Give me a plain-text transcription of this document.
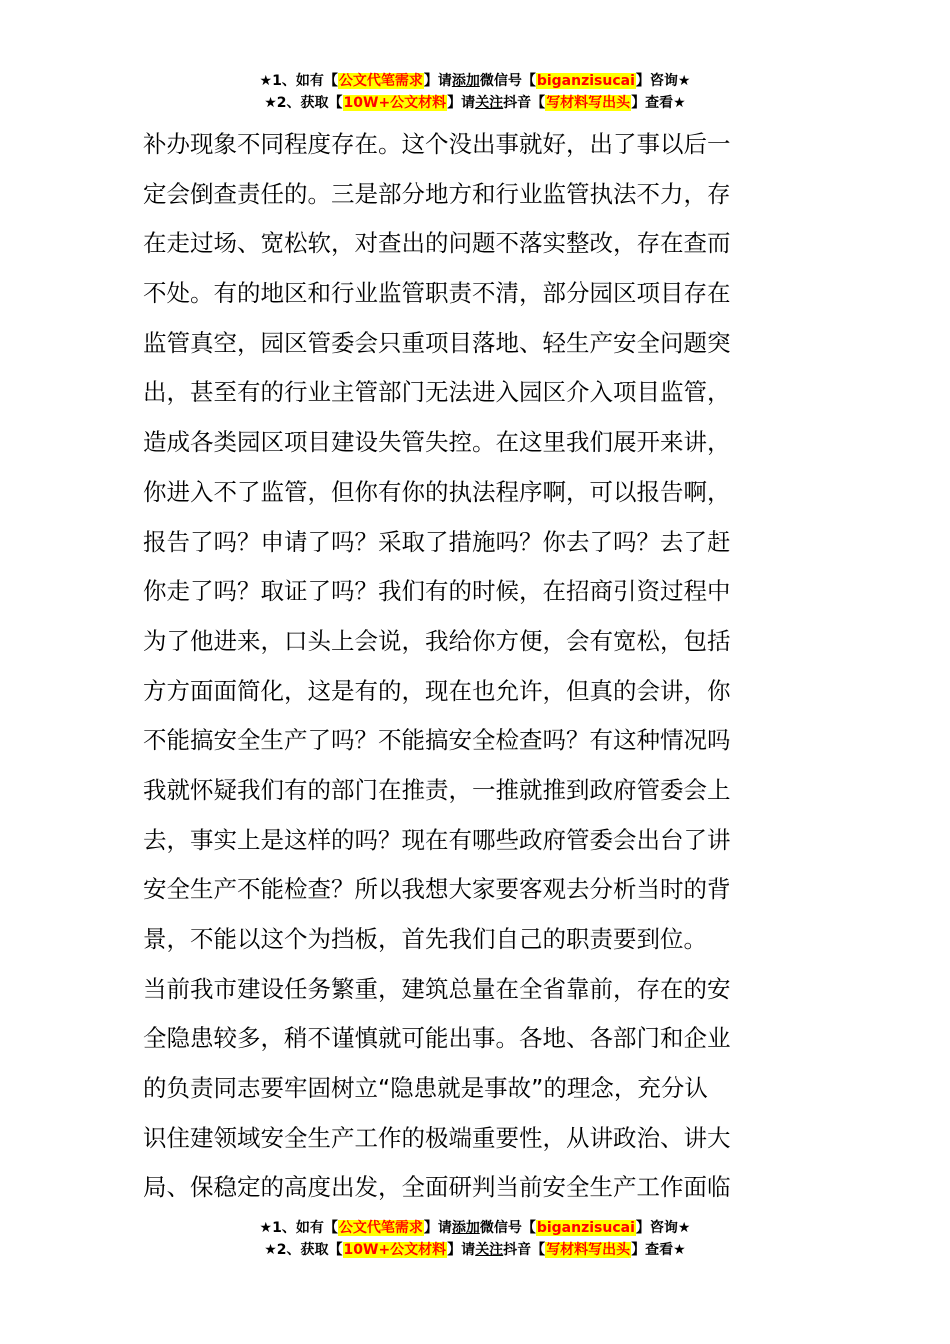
★1、如有【公文代笔需求】请添加微信号【biganzisucai】咨询★
★2、获取【10W+公文材料】请关注抖音【写材料写出头】查看★
补办现象不同程度存在。这个没出事就好，出了事以后一
定会倒查责任的。三是部分地方和行业监管执法不力，存
在走过场、宽松软，对查出的问题不落实整改，存在查而
不处。有的地区和行业监管职责不清，部分园区项目存在
监管真空，园区管委会只重项目落地、轻生产安全问题突
出，甚至有的行业主管部门无法进入园区介入项目监管，
造成各类园区项目建设失管失控。在这里我们展开来讲，
你进入不了监管，但你有你的执法程序啊，可以报告啊，
报告了吗？申请了吗？采取了措施吗？你去了吗？去了赶
你走了吗？取证了吗？我们有的时候，在招商引资过程中
为了他进来，口头上会说，我给你方便，会有宽松，包括
方方面面简化，这是有的，现在也允许，但真的会讲，你
不能搞安全生产了吗？不能搞安全检查吗？有这种情况吗
我就怀疑我们有的部门在推责，一推就推到政府管委会上
去，事实上是这样的吗？现在有哪些政府管委会出台了讲
安全生产不能检查？所以我想大家要客观去分析当时的背
景，不能以这个为挡板，首先我们自己的职责要到位。
当前我市建设任务繁重，建筑总量在全省靠前，存在的安
全隐患较多，稍不谨慎就可能出事。各地、各部门和企业
的负责同志要牢固树立“隐患就是事故”的理念，充分认
识住建领域安全生产工作的极端重要性，从讲政治、讲大
局、保稳定的高度出发，全面研判当前安全生产工作面临
★1、如有【公文代笔需求】请添加微信号【biganzisucai】咨询★
★2、获取【10W+公文材料】请关注抖音【写材料写出头】查看★
